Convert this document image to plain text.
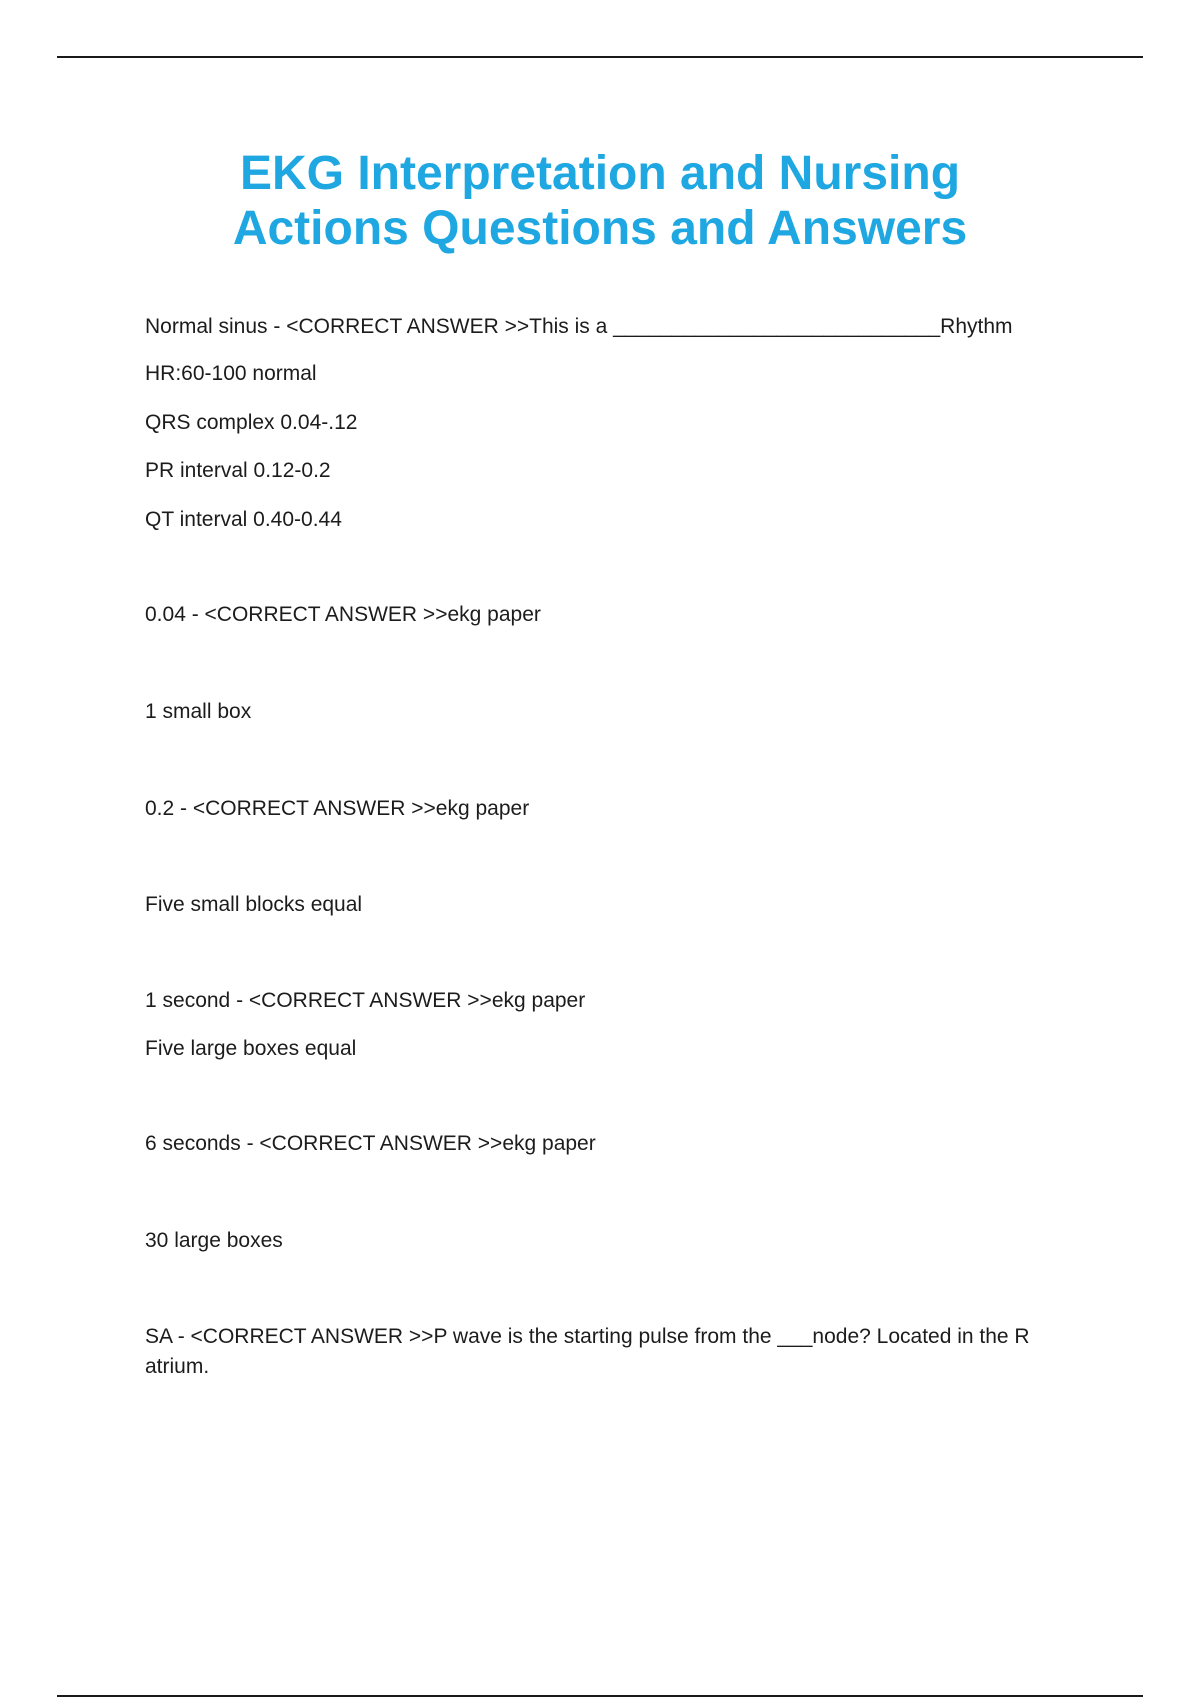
EKG Interpretation and Nursing
Actions Questions and Answers
Normal sinus - <CORRECT ANSWER >>This is a ____________________________Rhythm
HR:60-100 normal
QRS complex 0.04-.12
PR interval 0.12-0.2
QT interval 0.40-0.44
0.04 - <CORRECT ANSWER >>ekg paper
1 small box
0.2 - <CORRECT ANSWER >>ekg paper
Five small blocks equal
1 second - <CORRECT ANSWER >>ekg paper
Five large boxes equal
6 seconds - <CORRECT ANSWER >>ekg paper
30 large boxes
SA - <CORRECT ANSWER >>P wave is the starting pulse from the ___node? Located in the R atrium.
